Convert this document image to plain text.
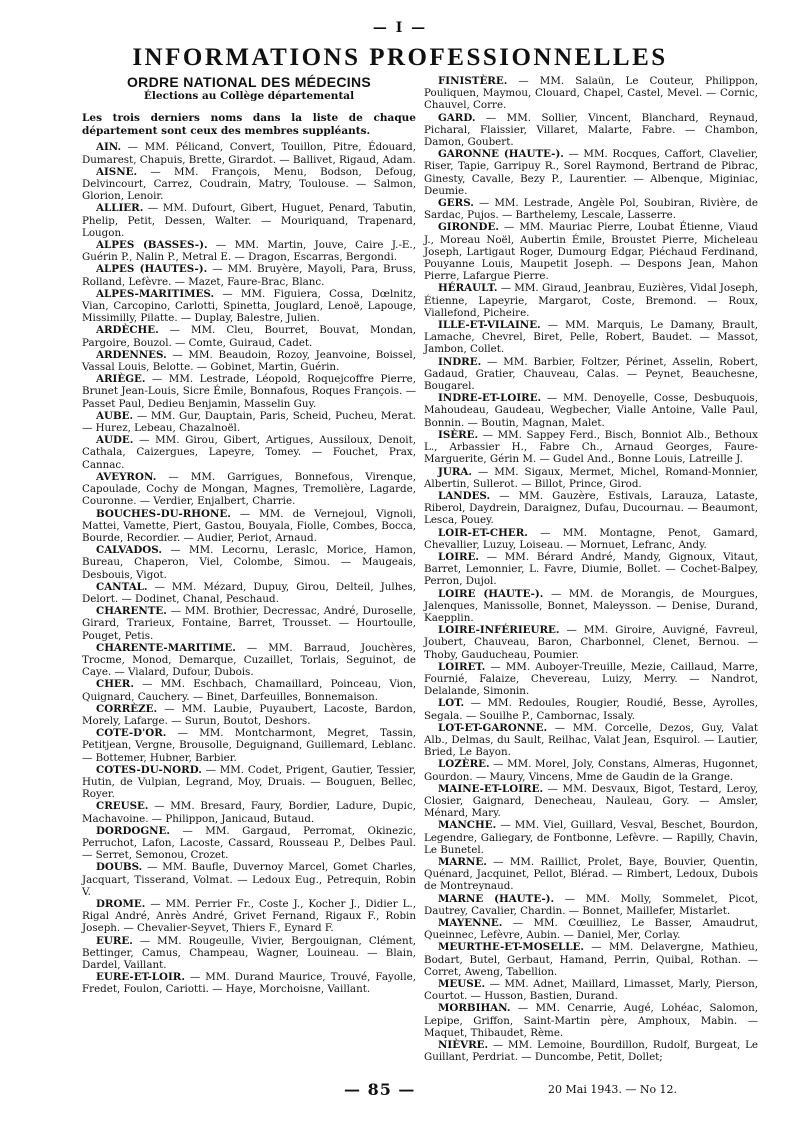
— I —
INFORMATIONS PROFESSIONNELLES
ORDRE NATIONAL DES MÉDECINS
Élections au Collège départemental

Les trois derniers noms dans la liste de chaque département sont ceux des membres suppléants.

AIN. — MM. Pélicand, Convert, Touillon, Pitre, Édouard, Dumarest, Chapuis, Brette, Girardot. — Ballivet, Rigaud, Adam.

AISNE. — MM. François, Menu, Bodson, Defoug, Delvincourt, Carrez, Coudrain, Matry, Toulouse. — Salmon, Glorion, Lenoir.

ALLIER. — MM. Dufourt, Gibert, Huguet, Penard, Tabutin, Phelip, Petit, Dessen, Walter. — Mouriquand, Trapenard, Lougon.

ALPES (BASSES-). — MM. Martin, Jouve, Caire J.-E., Guérin P., Nalin P., Metral E. — Dragon, Escarras, Bergondi.

ALPES (HAUTES-). — MM. Bruyère, Mayoli, Para, Bruss, Rolland, Lefèvre. — Mazet, Faure-Brac, Blanc.

ALPES-MARITIMES. — MM. Figuiera, Cossa, Dœlnitz, Vian, Carcopino, Carlotti, Spinetta, Jouglard, Lenoë, Lapouge, Missimilly, Pilatte. — Duplay, Balestre, Julien.

ARDÈCHE. — MM. Cleu, Bourret, Bouvat, Mondan, Pargoire, Bouzol. — Comte, Guiraud, Cadet.

ARDENNES. — MM. Beaudoin, Rozoy, Jeanvoine, Boissel, Vassal Louis, Belotte. — Gobinet, Martin, Guérin.

ARIÈGE. — MM. Lestrade, Léopold, Roquejcoffre Pierre, Brunet Jean-Louis, Sicre Émile, Bonnafous, Roques François. — Passet Paul, Dedieu Benjamin, Masselin Guy.

AUBE. — MM. Gur, Dauptain, Paris, Scheid, Pucheu, Merat. — Hurez, Lebeau, Chazalnoël.

AUDE. — MM. Girou, Gibert, Artigues, Aussiloux, Denoit, Cathala, Caizergues, Lapeyre, Tomey. — Fouchet, Prax, Cannac.

AVEYRON. — MM. Garrigues, Bonnefous, Virenque, Capoulade, Cochy de Mongan, Magnes, Tremolière, Lagarde, Couronne. — Verdier, Enjalbert, Charrie.

BOUCHES-DU-RHONE. — MM. de Vernejoul, Vignoli, Mattei, Vamette, Piert, Gastou, Bouyala, Fiolle, Combes, Bocca, Bourde, Recordier. — Audier, Periot, Arnaud.

CALVADOS. — MM. Lecornu, Leraslc, Morice, Hamon, Bureau, Chaperon, Viel, Colombe, Simou. — Maugeais, Desbouis, Vigot.

CANTAL. — MM. Mézard, Dupuy, Girou, Delteil, Julhes, Delort. — Dodinet, Chanal, Peschaud.

CHARENTE. — MM. Brothier, Decressac, André, Duroselle, Girard, Trarieux, Fontaine, Barret, Trousset. — Hourtoulle, Pouget, Petis.

CHARENTE-MARITIME. — MM. Barraud, Jouchères, Trocme, Monod, Demarque, Cuzaillet, Torlais, Seguinot, de Caye. — Vialard, Dufour, Dubois.

CHER. — MM. Eschbach, Chamaillard, Poinceau, Vion, Quignard, Cauchery. — Binet, Darfeuilles, Bonnemaison.

CORRÈZE. — MM. Laubie, Puyaubert, Lacoste, Bardon, Morely, Lafarge. — Surun, Boutot, Deshors.

COTE-D'OR. — MM. Montcharmont, Megret, Tassin, Petitjean, Vergne, Brousolle, Deguignand, Guillemard, Leblanc. — Bottemer, Hubner, Barbier.

COTES-DU-NORD. — MM. Codet, Prigent, Gautier, Tessier, Hutin, de Vulpian, Legrand, Moy, Druais. — Bouguen, Bellec, Royer.

CREUSE. — MM. Bresard, Faury, Bordier, Ladure, Dupic, Machavoine. — Philippon, Janicaud, Butaud.

DORDOGNE. — MM. Gargaud, Perromat, Okinezic, Perruchot, Lafon, Lacoste, Cassard, Rousseau P., Delbes Paul. — Serret, Semonou, Crozet.

DOUBS. — MM. Baufle, Duvernoy Marcel, Gomet Charles, Jacquart, Tisserand, Volmat. — Ledoux Eug., Petrequin, Robin V.

DROME. — MM. Perrier Fr., Coste J., Kocher J., Didier L., Rigal André, Anrès André, Grivet Fernand, Rigaux F., Robin Joseph. — Chevalier-Seyvet, Thiers F., Eynard F.

EURE. — MM. Rougeulle, Vivier, Bergouignan, Clément, Bettinger, Camus, Champeau, Wagner, Louineau. — Blain, Dardel, Vaillant.

EURE-ET-LOIR. — MM. Durand Maurice, Trouvé, Fayolle, Fredet, Foulon, Cariotti. — Haye, Morchoisne, Vaillant.

FINISTÈRE. — MM. Salaün, Le Couteur, Philippon, Pouliquen, Maymou, Clouard, Chapel, Castel, Mevel. — Cornic, Chauvel, Corre.

GARD. — MM. Sollier, Vincent, Blanchard, Reynaud, Picharal, Flaissier, Villaret, Malarte, Fabre. — Chambon, Damon, Goubert.

GARONNE (HAUTE-). — MM. Rocques, Caffort, Clavelier, Riser, Tapie, Garripuy R., Sorel Raymond, Bertrand de Pibrac, Ginesty, Cavalle, Bezy P., Laurentier. — Albenque, Miginiac, Deumie.

GERS. — MM. Lestrade, Angèle Pol, Soubiran, Rivière, de Sardac, Pujos. — Barthelemy, Lescale, Lasserre.

GIRONDE. — MM. Mauriac Pierre, Loubat Étienne, Viaud J., Moreau Noël, Aubertin Émile, Broustet Pierre, Micheleau Joseph, Lartigaut Roger, Dumourg Edgar, Piéchaud Ferdinand, Pouyanne Louis, Maupetit Joseph. — Despons Jean, Mahon Pierre, Lafargue Pierre.

HÉRAULT. — MM. Giraud, Jeanbrau, Euzières, Vidal Joseph, Étienne, Lapeyrie, Margarot, Coste, Bremond. — Roux, Viallefond, Picheire.

ILLE-ET-VILAINE. — MM. Marquis, Le Damany, Brault, Lamache, Chevrel, Biret, Pelle, Robert, Baudet. — Massot, Jambon, Collet.

INDRE. — MM. Barbier, Foltzer, Périnet, Asselin, Robert, Gadaud, Gratier, Chauveau, Calas. — Peynet, Beauchesne, Bougarel.

INDRE-ET-LOIRE. — MM. Denoyelle, Cosse, Desbuquois, Mahoudeau, Gaudeau, Wegbecher, Vialle Antoine, Valle Paul, Bonnin. — Boutin, Magnan, Malet.

ISÈRE. — MM. Sappey Ferd., Bisch, Bonniot Alb., Bethoux L., Arbassier H., Fabre Ch., Arnaud Georges, Faure-Marguerite, Gérin M. — Gudel And., Bonne Louis, Latreille J.

JURA. — MM. Sigaux, Mermet, Michel, Romand-Monnier, Albertin, Sullerot. — Billot, Prince, Girod.

LANDES. — MM. Gauzère, Estivals, Larauza, Lataste, Riberol, Daydrein, Daraignez, Dufau, Ducournau. — Beaumont, Lesca, Pouey.

LOIR-ET-CHER. — MM. Montagne, Penot, Gamard, Chevallier, Luzuy, Loiseau. — Mornuet, Lefranc, Andy.

LOIRE. — MM. Bérard André, Mandy, Gignoux, Vitaut, Barret, Lemonnier, L. Favre, Diumie, Bollet. — Cochet-Balpey, Perron, Dujol.

LOIRE (HAUTE-). — MM. de Morangis, de Mourgues, Jalenques, Manissolle, Bonnet, Maleysson. — Denise, Durand, Kaepplin.

LOIRE-INFÉRIEURE. — MM. Giroire, Auvigné, Favreul, Joubert, Chauveau, Baron, Charbonnel, Clenet, Bernou. — Thoby, Gauducheau, Poumier.

LOIRET. — MM. Auboyer-Treuille, Mezie, Caillaud, Marre, Fournié, Falaize, Chevereau, Luizy, Merry. — Nandrot, Delalande, Simonin.

LOT. — MM. Redoules, Rougier, Roudié, Besse, Ayrolles, Segala. — Souilhe P., Cambornac, Issaly.

LOT-ET-GARONNE. — MM. Corcelle, Dezos, Guy, Valat Alb., Delmas, du Sault, Reilhac, Valat Jean, Esquirol. — Lautier, Bried, Le Bayon.

LOZÈRE. — MM. Morel, Joly, Constans, Almeras, Hugonnet, Gourdon. — Maury, Vincens, Mme de Gaudin de la Grange.

MAINE-ET-LOIRE. — MM. Desvaux, Bigot, Testard, Leroy, Closier, Gaignard, Denecheau, Nauleau, Gory. — Amsler, Ménard, Mary.

MANCHE. — MM. Viel, Guillard, Vesval, Beschet, Bourdon, Legendre, Galiegary, de Fontbonne, Lefèvre. — Rapilly, Chavin, Le Bunetel.

MARNE. — MM. Raillict, Prolet, Baye, Bouvier, Quentin, Quénard, Jacquinet, Pellot, Blérad. — Rimbert, Ledoux, Dubois de Montreynaud.

MARNE (HAUTE-). — MM. Molly, Sommelet, Picot, Dautrey, Cavalier, Chardin. — Bonnet, Maillefer, Mistarlet.

MAYENNE. — MM. Cœuilliez, Le Basser, Amaudrut, Queinnec, Lefèvre, Aubin. — Daniel, Mer, Corlay.

MEURTHE-ET-MOSELLE. — MM. Delavergne, Mathieu, Bodart, Butel, Gerbaut, Hamand, Perrin, Quibal, Rothan. — Corret, Aweng, Tabellion.

MEUSE. — MM. Adnet, Maillard, Limasset, Marly, Pierson, Courtot. — Husson, Bastien, Durand.

MORBIHAN. — MM. Cenarrie, Augé, Lohéac, Salomon, Lepipe, Griffon, Saint-Martin père, Amphoux, Mabin. — Maquet, Thibaudet, Rème.

NIÈVRE. — MM. Lemoine, Bourdillon, Rudolf, Burgeat, Le Guillant, Perdriat. — Duncombe, Petit, Dollet;

— 85 —	20 Mai 1943. — No 12.
